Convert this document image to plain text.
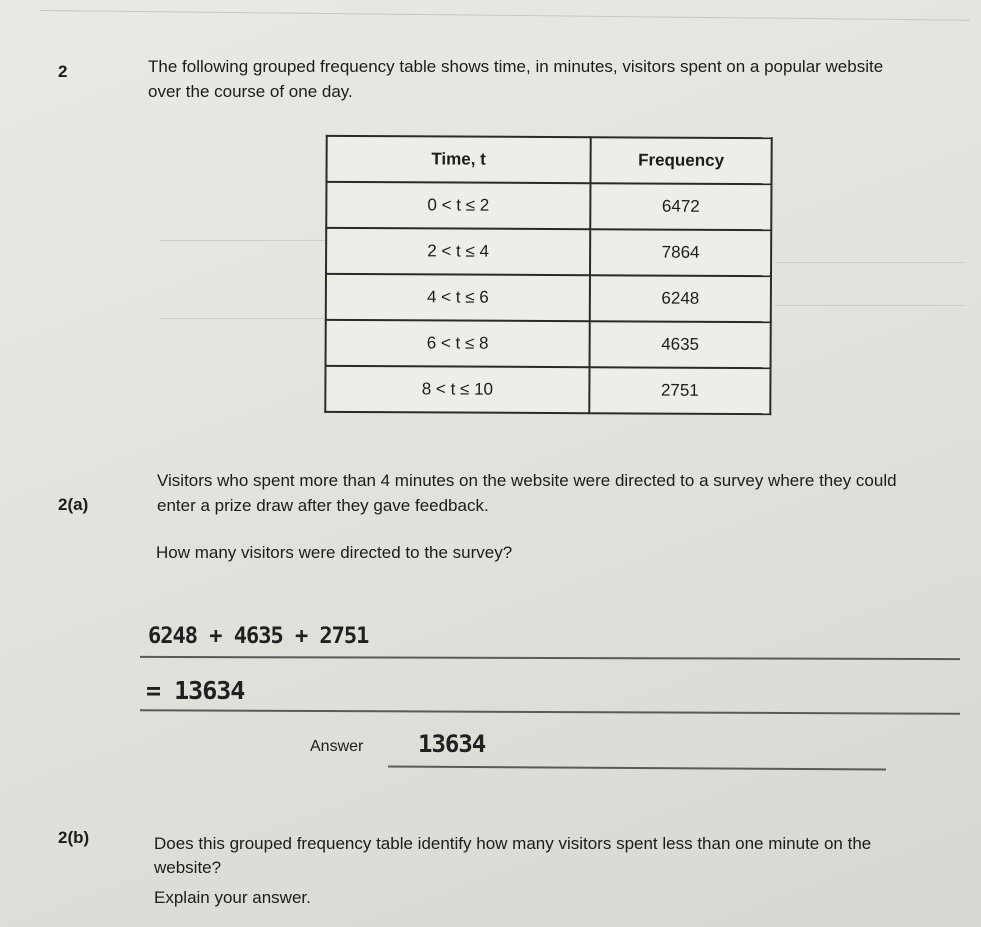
2	The following grouped frequency table shows time, in minutes, visitors spent on a popular website over the course of one day.
Time, t	Frequency
0 < t ≤ 2	6472
2 < t ≤ 4	7864
4 < t ≤ 6	6248
6 < t ≤ 8	4635
8 < t ≤ 10	2751
2(a)
Visitors who spent more than 4 minutes on the website were directed to a survey where they could enter a prize draw after they gave feedback.
How many visitors were directed to the survey?
6248 + 4635 + 2751
= 13634
Answer 13634
2(b)	Does this grouped frequency table identify how many visitors spent less than one minute on the website?
Explain your answer.
